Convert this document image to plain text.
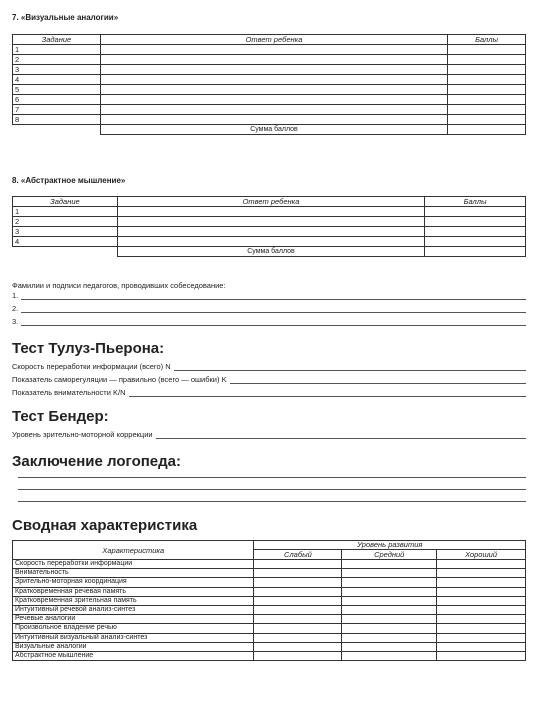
7. «Визуальные аналогии»
Задание	Ответ ребенка	Баллы
1		
2		
3		
4		
5		
6		
7		
8		
	Сумма баллов	
8. «Абстрактное мышление»
Задание	Ответ ребенка	Баллы
1		
2		
3		
4		
	Сумма баллов	
Фамилии и подписи педагогов, проводивших собеседование:
1.
2.
3.
Тест Тулуз-Пьерона:
Скорость переработки информации (всего) N
Показатель саморегуляции — правильно (всего — ошибки) K
Показатель внимательности K/N
Тест Бендер:
Уровень зрительно-моторной коррекции
Заключение логопеда:
Сводная характеристика
Характеристика	Уровень развития		
	Слабый	Средний	Хороший
Скорость переработки информации			
Внимательность			
Зрительно-моторная координация			
Кратковременная речевая память			
Кратковременная зрительная память			
Интуитивный речевой анализ-синтез			
Речевые аналогии			
Произвольное владение речью			
Интуитивный визуальный анализ-синтез			
Визуальные аналогии			
Абстрактное мышление			
